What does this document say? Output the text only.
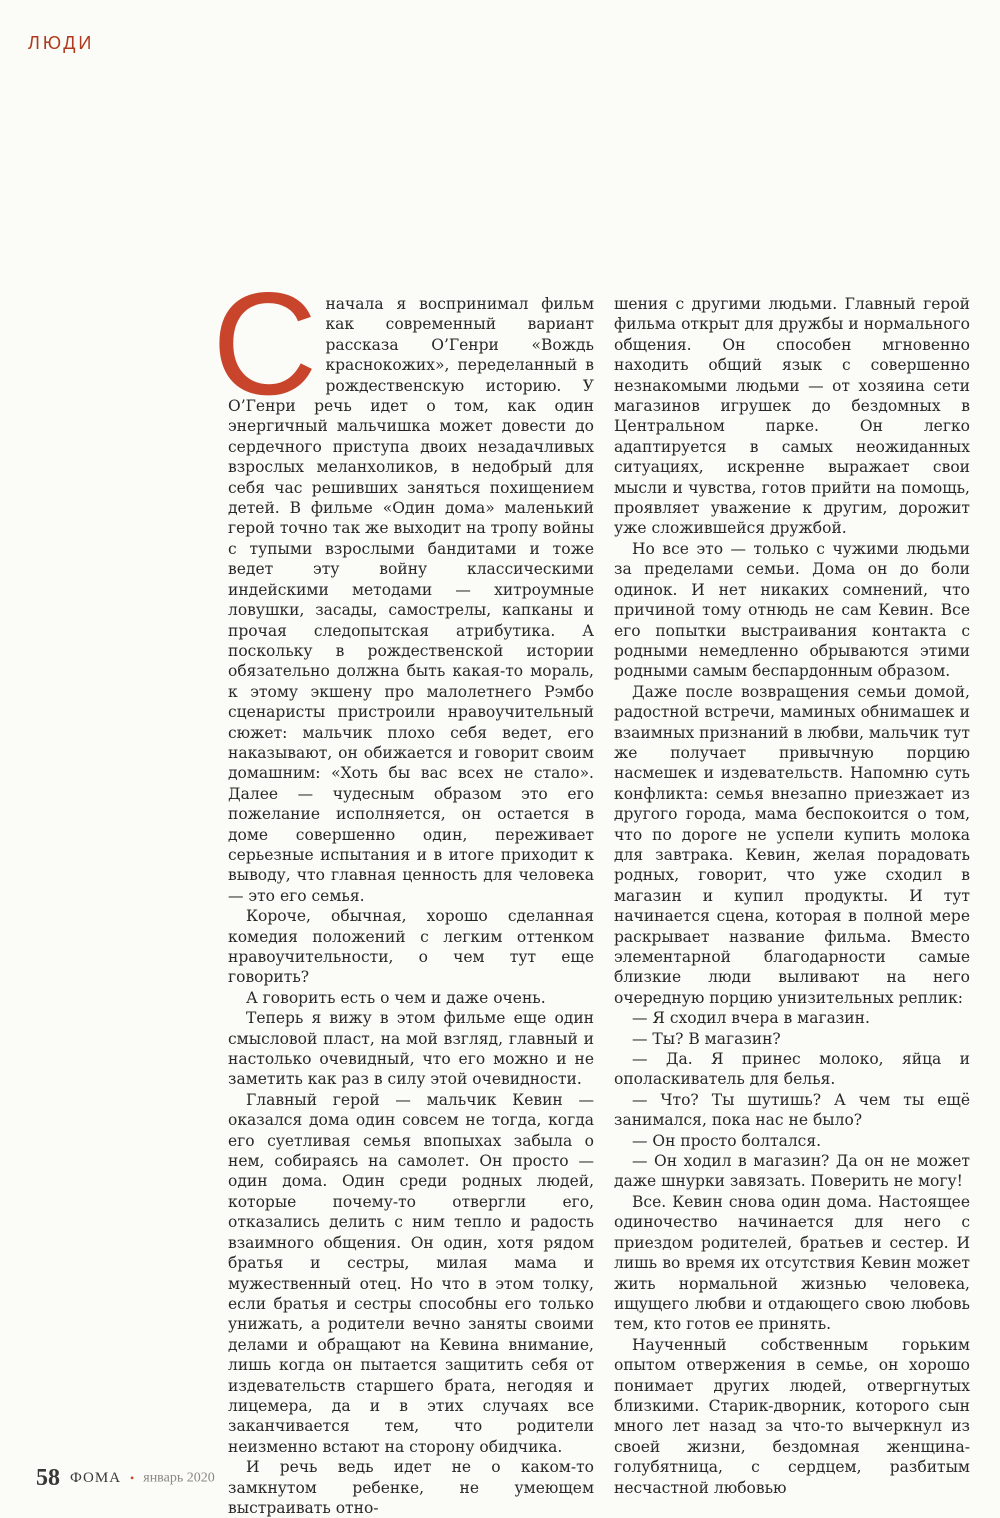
ЛЮДИ

Сначала я воспринимал фильм как современный вариант рассказа О’Генри «Вождь краснокожих», переделанный в рождественскую историю. У О’Генри речь идет о том, как один энергичный мальчишка может довести до сердечного приступа двоих незадачливых взрослых меланхоликов, в недобрый для себя час решивших заняться похищением детей. В фильме «Один дома» маленький герой точно так же выходит на тропу войны с тупыми взрослыми бандитами и тоже ведет эту войну классическими индейскими методами — хитроумные ловушки, засады, самострелы, капканы и прочая следопытская атрибутика. А поскольку в рождественской истории обязательно должна быть какая-то мораль, к этому экшену про малолетнего Рэмбо сценаристы пристроили нравоучительный сюжет: мальчик плохо себя ведет, его наказывают, он обижается и говорит своим домашним: «Хоть бы вас всех не стало». Далее — чудесным образом это его пожелание исполняется, он остается в доме совершенно один, переживает серьезные испытания и в итоге приходит к выводу, что главная ценность для человека — это его семья.

Короче, обычная, хорошо сделанная комедия положений с легким оттенком нравоучительности, о чем тут еще говорить?

А говорить есть о чем и даже очень.

Теперь я вижу в этом фильме еще один смысловой пласт, на мой взгляд, главный и настолько очевидный, что его можно и не заметить как раз в силу этой очевидности.

Главный герой — мальчик Кевин — оказался дома один совсем не тогда, когда его суетливая семья впопыхах забыла о нем, собираясь на самолет. Он просто — один дома. Один среди родных людей, которые почему-то отвергли его, отказались делить с ним тепло и радость взаимного общения. Он один, хотя рядом братья и сестры, милая мама и мужественный отец. Но что в этом толку, если братья и сестры способны его только унижать, а родители вечно заняты своими делами и обращают на Кевина внимание, лишь когда он пытается защитить себя от издевательств старшего брата, негодяя и лицемера, да и в этих случаях все заканчивается тем, что родители неизменно встают на сторону обидчика.

И речь ведь идет не о каком-то замкнутом ребенке, не умеющем выстраивать отно-

шения с другими людьми. Главный герой фильма открыт для дружбы и нормального общения. Он способен мгновенно находить общий язык с совершенно незнакомыми людьми — от хозяина сети магазинов игрушек до бездомных в Центральном парке. Он легко адаптируется в самых неожиданных ситуациях, искренне выражает свои мысли и чувства, готов прийти на помощь, проявляет уважение к другим, дорожит уже сложившейся дружбой.

Но все это — только с чужими людьми за пределами семьи. Дома он до боли одинок. И нет никаких сомнений, что причиной тому отнюдь не сам Кевин. Все его попытки выстраивания контакта с родными немедленно обрываются этими родными самым беспардонным образом.

Даже после возвращения семьи домой, радостной встречи, маминых обнимашек и взаимных признаний в любви, мальчик тут же получает привычную порцию насмешек и издевательств. Напомню суть конфликта: семья внезапно приезжает из другого города, мама беспокоится о том, что по дороге не успели купить молока для завтрака. Кевин, желая порадовать родных, говорит, что уже сходил в магазин и купил продукты. И тут начинается сцена, которая в полной мере раскрывает название фильма. Вместо элементарной благодарности самые близкие люди выливают на него очередную порцию унизительных реплик:

— Я сходил вчера в магазин.

— Ты? В магазин?

— Да. Я принес молоко, яйца и ополаскиватель для белья.

— Что? Ты шутишь? А чем ты ещё занимался, пока нас не было?

— Он просто болтался.

— Он ходил в магазин? Да он не может даже шнурки завязать. Поверить не могу!

Все. Кевин снова один дома. Настоящее одиночество начинается для него с приездом родителей, братьев и сестер. И лишь во время их отсутствия Кевин может жить нормальной жизнью человека, ищущего любви и отдающего свою любовь тем, кто готов ее принять.

Наученный собственным горьким опытом отвержения в семье, он хорошо понимает других людей, отвергнутых близкими. Старик-дворник, которого сын много лет назад за что-то вычеркнул из своей жизни, бездомная женщина-голубятница, с сердцем, разбитым несчастной любовью

58 ФОМА • январь 2020
